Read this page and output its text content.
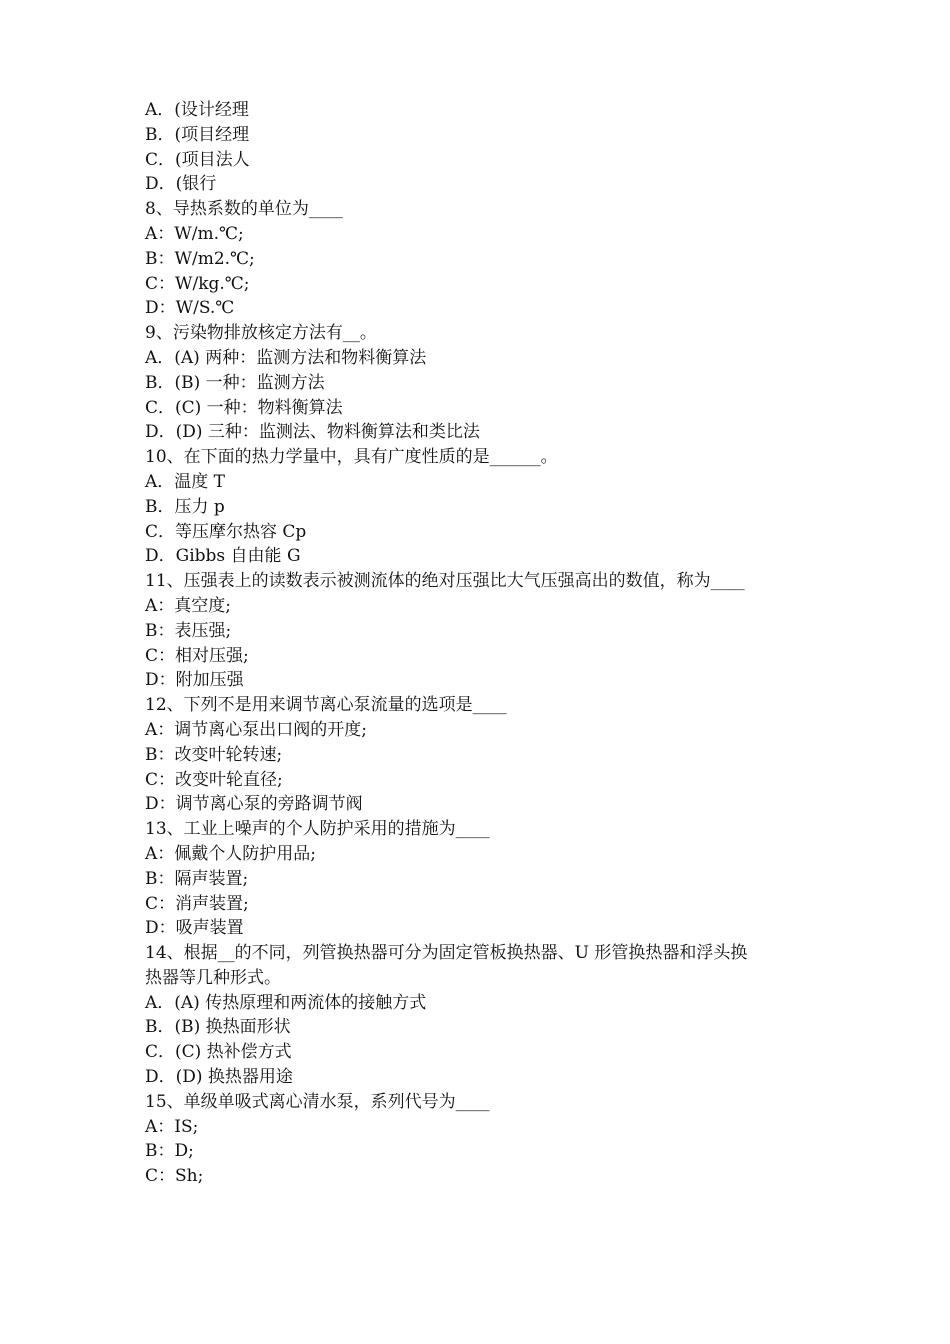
A．(设计经理

B．(项目经理

C．(项目法人

D．(银行

8、导热系数的单位为____

A：W/m.℃;

B：W/m2.℃;

C：W/kg.℃;

D：W/S.℃

9、污染物排放核定方法有__。

A．(A) 两种：监测方法和物料衡算法

B．(B) 一种：监测方法

C．(C) 一种：物料衡算法

D．(D) 三种：监测法、物料衡算法和类比法

10、在下面的热力学量中，具有广度性质的是______。

A．温度 T

B．压力 p

C．等压摩尔热容 Cp

D．Gibbs 自由能 G

11、压强表上的读数表示被测流体的绝对压强比大气压强高出的数值，称为____

A：真空度;

B：表压强;

C：相对压强;

D：附加压强

12、下列不是用来调节离心泵流量的选项是____

A：调节离心泵出口阀的开度;

B：改变叶轮转速;

C：改变叶轮直径;

D：调节离心泵的旁路调节阀

13、工业上噪声的个人防护采用的措施为____

A：佩戴个人防护用品;

B：隔声装置;

C：消声装置;

D：吸声装置

14、根据__的不同，列管换热器可分为固定管板换热器、U 形管换热器和浮头换

热器等几种形式。

A．(A) 传热原理和两流体的接触方式

B．(B) 换热面形状

C．(C) 热补偿方式

D．(D) 换热器用途

15、单级单吸式离心清水泵，系列代号为____

A：IS;

B：D;

C：Sh;
